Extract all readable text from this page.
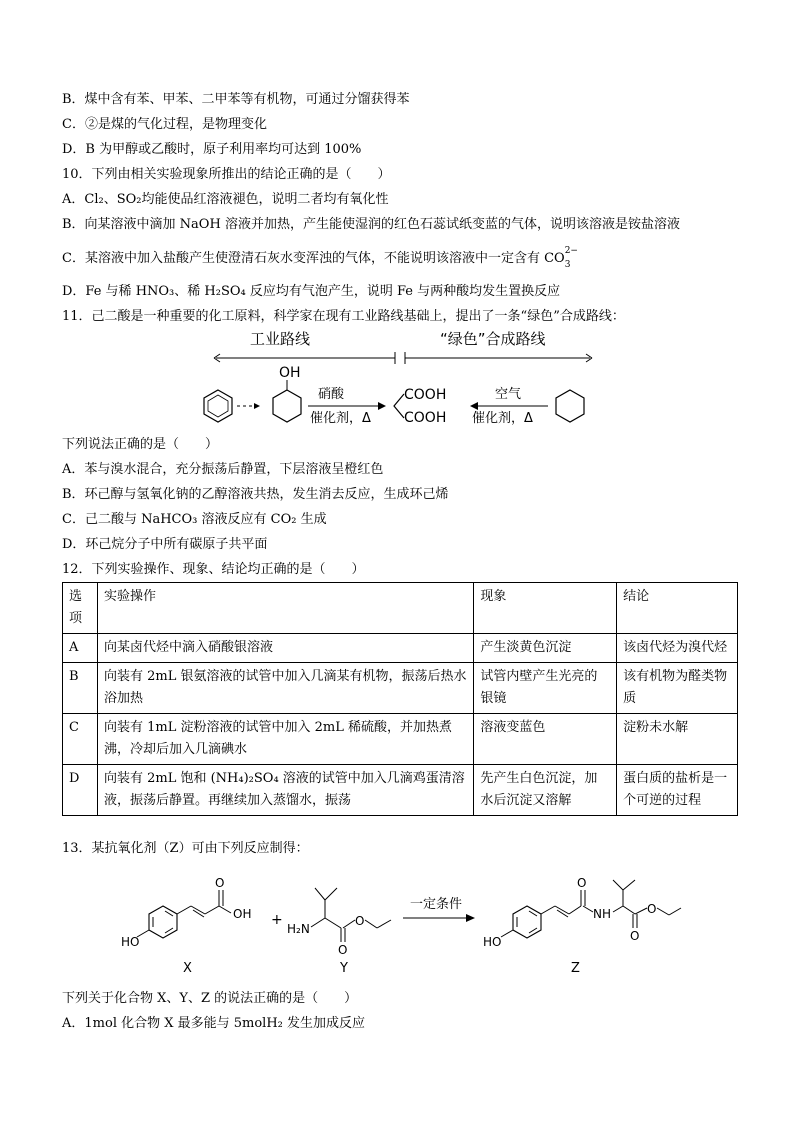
B．煤中含有苯、甲苯、二甲苯等有机物，可通过分馏获得苯
C．②是煤的气化过程，是物理变化
D．B 为甲醇或乙酸时，原子利用率均可达到 100%
10．下列由相关实验现象所推出的结论正确的是（　　）
A．Cl₂、SO₂均能使品红溶液褪色，说明二者均有氧化性
B．向某溶液中滴加 NaOH 溶液并加热，产生能使湿润的红色石蕊试纸变蓝的气体，说明该溶液是铵盐溶液
C．某溶液中加入盐酸产生使澄清石灰水变浑浊的气体，不能说明该溶液中一定含有 CO 2−
3
D．Fe 与稀 HNO₃、稀 H₂SO₄ 反应均有气泡产生，说明 Fe 与两种酸均发生置换反应
11．己二酸是一种重要的化工原料，科学家在现有工业路线基础上，提出了一条“绿色”合成路线：
工业路线	“绿色”合成路线
OH
硝酸
催化剂，Δ
COOH
COOH
空气
催化剂，Δ
下列说法正确的是（　　）
A．苯与溴水混合，充分振荡后静置，下层溶液呈橙红色
B．环己醇与氢氧化钠的乙醇溶液共热，发生消去反应，生成环己烯
C．己二酸与 NaHCO₃ 溶液反应有 CO₂ 生成
D．环己烷分子中所有碳原子共平面
12．下列实验操作、现象、结论均正确的是（　　）
选项	实验操作	现象	结论
A	向某卤代烃中滴入硝酸银溶液	产生淡黄色沉淀	该卤代烃为溴代烃
B	向装有 2mL 银氨溶液的试管中加入几滴某有机物，振荡后热水浴加热	试管内壁产生光亮的银镜	该有机物为醛类物质
C	向装有 1mL 淀粉溶液的试管中加入 2mL 稀硫酸，并加热煮沸，冷却后加入几滴碘水	溶液变蓝色	淀粉未水解
D	向装有 2mL 饱和 (NH₄)₂SO₄ 溶液的试管中加入几滴鸡蛋清溶液，振荡后静置。再继续加入蒸馏水，振荡	先产生白色沉淀，加水后沉淀又溶解	蛋白质的盐析是一个可逆的过程
13．某抗氧化剂（Z）可由下列反应制得：
HO
O
OH
X
+
H₂N
O
O
Y
一定条件
HO
O
NH
O
O
Z
下列关于化合物 X、Y、Z 的说法正确的是（　　）
A．1mol 化合物 X 最多能与 5molH₂ 发生加成反应
